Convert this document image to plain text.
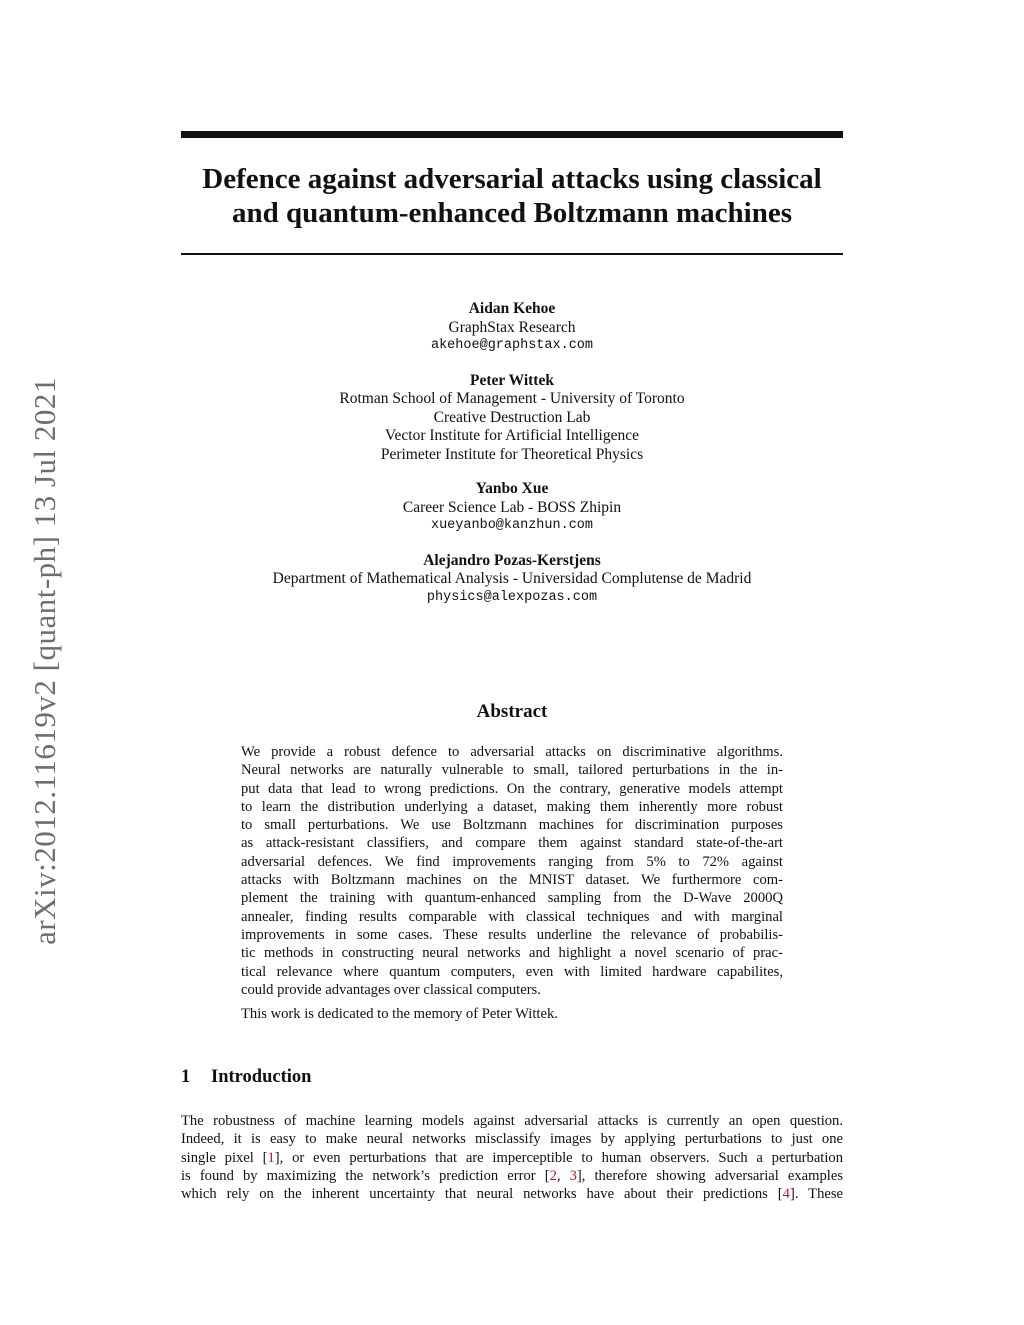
Defence against adversarial attacks using classical
and quantum-enhanced Boltzmann machines
arXiv:2012.11619v2 [quant-ph] 13 Jul 2021
Aidan Kehoe
GraphStax Research
akehoe@graphstax.com
Peter Wittek
Rotman School of Management - University of Toronto
Creative Destruction Lab
Vector Institute for Artificial Intelligence
Perimeter Institute for Theoretical Physics
Yanbo Xue
Career Science Lab - BOSS Zhipin
xueyanbo@kanzhun.com
Alejandro Pozas-Kerstjens
Department of Mathematical Analysis - Universidad Complutense de Madrid
physics@alexpozas.com
Abstract
We provide a robust defence to adversarial attacks on discriminative algorithms.
Neural networks are naturally vulnerable to small, tailored perturbations in the in-
put data that lead to wrong predictions. On the contrary, generative models attempt
to learn the distribution underlying a dataset, making them inherently more robust
to small perturbations. We use Boltzmann machines for discrimination purposes
as attack-resistant classifiers, and compare them against standard state-of-the-art
adversarial defences. We find improvements ranging from 5% to 72% against
attacks with Boltzmann machines on the MNIST dataset. We furthermore com-
plement the training with quantum-enhanced sampling from the D-Wave 2000Q
annealer, finding results comparable with classical techniques and with marginal
improvements in some cases. These results underline the relevance of probabilis-
tic methods in constructing neural networks and highlight a novel scenario of prac-
tical relevance where quantum computers, even with limited hardware capabilites,
could provide advantages over classical computers.
This work is dedicated to the memory of Peter Wittek.
1 Introduction
The robustness of machine learning models against adversarial attacks is currently an open question.
Indeed, it is easy to make neural networks misclassify images by applying perturbations to just one
single pixel [1], or even perturbations that are imperceptible to human observers. Such a perturbation
is found by maximizing the network’s prediction error [2, 3], therefore showing adversarial examples
which rely on the inherent uncertainty that neural networks have about their predictions [4]. These
